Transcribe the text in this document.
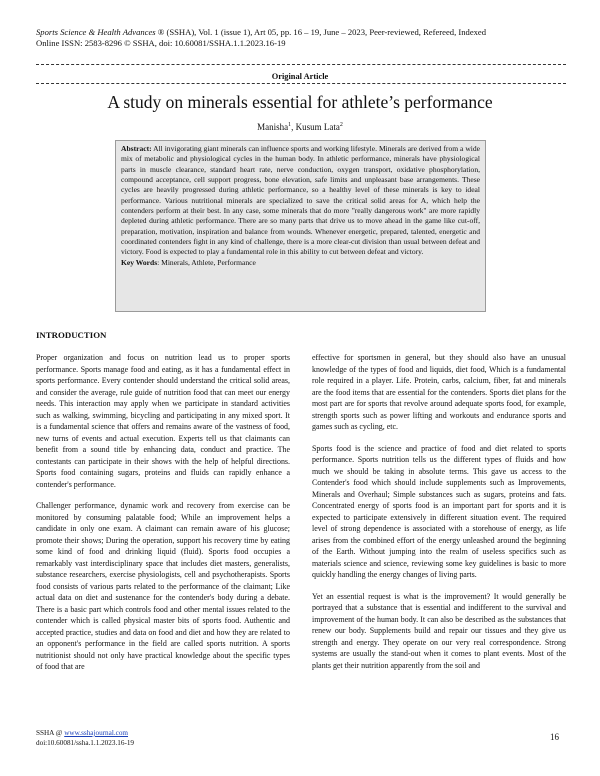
Sports Science & Health Advances ® (SSHA), Vol. 1 (issue 1), Art 05, pp. 16 – 19, June – 2023, Peer-reviewed, Refereed, Indexed
Online ISSN: 2583-8296 © SSHA, doi: 10.60081/SSHA.1.1.2023.16-19
Original Article
A study on minerals essential for athlete’s performance
Manisha$^1$, Kusum Lata$^2$
Abstract: All invigorating giant minerals can influence sports and working lifestyle. Minerals are derived from a wide mix of metabolic and physiological cycles in the human body. In athletic performance, minerals have physiological parts in muscle clearance, standard heart rate, nerve conduction, oxygen transport, oxidative phosphorylation, compound acceptance, cell support progress, bone elevation, safe limits and unpleasant base arrangements. These cycles are heavily progressed during athletic performance, so a healthy level of these minerals is key to ideal performance. Various nutritional minerals are specialized to save the critical solid areas for A, which help the contenders perform at their best. In any case, some minerals that do more "really dangerous work" are more rapidly depleted during athletic performance. There are so many parts that drive us to move ahead in the game like cut-off, preparation, motivation, inspiration and balance from wounds. Whenever energetic, prepared, talented, energetic and coordinated contenders fight in any kind of challenge, there is a more clear-cut division than usual between defeat and victory. Food is expected to play a fundamental role in this ability to cut between defeat and victory.
Key Words: Minerals, Athlete, Performance
INTRODUCTION

Proper organization and focus on nutrition lead us to proper sports performance. Sports manage food and eating, as it has a fundamental effect in sports performance. Every contender should understand the critical solid areas, and consider the average, rule guide of nutrition food that can meet our energy needs. This interaction may apply when we participate in standard activities such as walking, swimming, bicycling and participating in any mixed sport. It is a fundamental science that offers and remains aware of the vastness of food, new turns of events and actual execution. Experts tell us that claimants can benefit from a sound title by enhancing data, conduct and practice. The contestants can participate in their shows with the help of helpful directions. Sports food containing sugars, proteins and fluids can rapidly enhance a contender's performance.

Challenger performance, dynamic work and recovery from exercise can be monitored by consuming palatable food; While an improvement helps a candidate in only one exam. A claimant can remain aware of his glucose; promote their shows; During the operation, support his recovery time by eating some kind of food and drinking liquid (fluid). Sports food occupies a remarkably vast interdisciplinary space that includes diet masters, generalists, substance researchers, exercise physiologists, cell and psychotherapists. Sports food consists of various parts related to the performance of the claimant; Like actual data on diet and sustenance for the contender's body during a debate. There is a basic part which controls food and other mental issues related to the contender which is called physical master bits of sports food. Authentic and accepted practice, studies and data on food and diet and how they are related to an opponent's performance in the field are called sports nutrition. A sports nutritionist should not only have practical knowledge about the specific types of food that are

effective for sportsmen in general, but they should also have an unusual knowledge of the types of food and liquids, diet food, Which is a fundamental role required in a player. Life. Protein, carbs, calcium, fiber, fat and minerals are the food items that are essential for the contenders. Sports diet plans for the most part are for sports that revolve around adequate sports food, for example, strength sports such as power lifting and workouts and endurance sports and games such as cycling, etc.

Sports food is the science and practice of food and diet related to sports performance. Sports nutrition tells us the different types of fluids and how much we should be taking in absolute terms. This gave us access to the Contender's food which should include supplements such as Improvements, Minerals and Overhaul; Simple substances such as sugars, proteins and fats. Concentrated energy of sports food is an important part for sports and it is expected to participate extensively in different situation event. The required level of strong dependence is associated with a storehouse of energy, as life arises from the combined effort of the energy unleashed around the beginning of the Earth. Without jumping into the realm of useless specifics such as materials science and science, reviewing some key guidelines is basic to more quickly handling the energy changes of living parts.

Yet an essential request is what is the improvement? It would generally be portrayed that a substance that is essential and indifferent to the survival and improvement of the human body. It can also be described as the substances that renew our body. Supplements build and repair our tissues and they give us strength and energy. They operate on our very real correspondence. Strong systems are usually the stand-out when it comes to plant events. Most of the plants get their nutrition apparently from the soil and

SSHA @ www.sshajournal.com
doi:10.60081/ssha.1.1.2023.16-19
16
